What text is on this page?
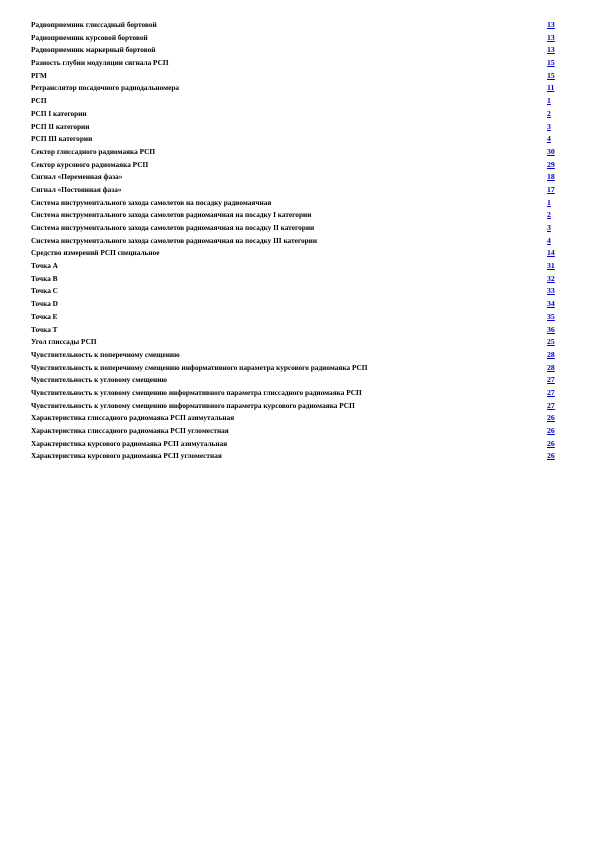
Радиоприемник глиссадный бортовой	13
Радиоприемник курсовой бортовой	13
Радиоприемник маркерный бортовой	13
Разность глубин модуляции сигнала РСП	15
РГМ	15
Ретранслятор посадочного радиодальномера	11
РСП	1
РСП I категории	2
РСП II категории	3
РСП III категории	4
Сектор глиссадного радиомаяка РСП	30
Сектор курсового радиомаяка РСП	29
Сигнал «Переменная фаза»	18
Сигнал «Постоянная фаза»	17
Система инструментального захода самолетов на посадку радиомаячная	1
Система инструментального захода самолетов радиомаячная на посадку I категории	2
Система инструментального захода самолетов радиомаячная на посадку II категории	3
Система инструментального захода самолетов радиомаячная на посадку III категории	4
Средство измерений РСП специальное	14
Точка А	31
Точка В	32
Точка С	33
Точка D	34
Точка Е	35
Точка Т	36
Угол глиссады РСП	25
Чувствительность к поперечному смещению	28
Чувствительность к поперечному смещению информативного параметра курсового радиомаяка РСП	28
Чувствительность к угловому смещению	27
Чувствительность к угловому смещению информативного параметра глиссадного радиомаяка РСП	27
Чувствительность к угловому смещению информативного параметра курсового радиомаяка РСП	27
Характеристика глиссадного радиомаяка РСП азимутальная	26
Характеристика глиссадного радиомаяка РСП угломестная	26
Характеристика курсового радиомаяка РСП азимутальная	26
Характеристика курсового радиомаяка РСП угломестная	26
